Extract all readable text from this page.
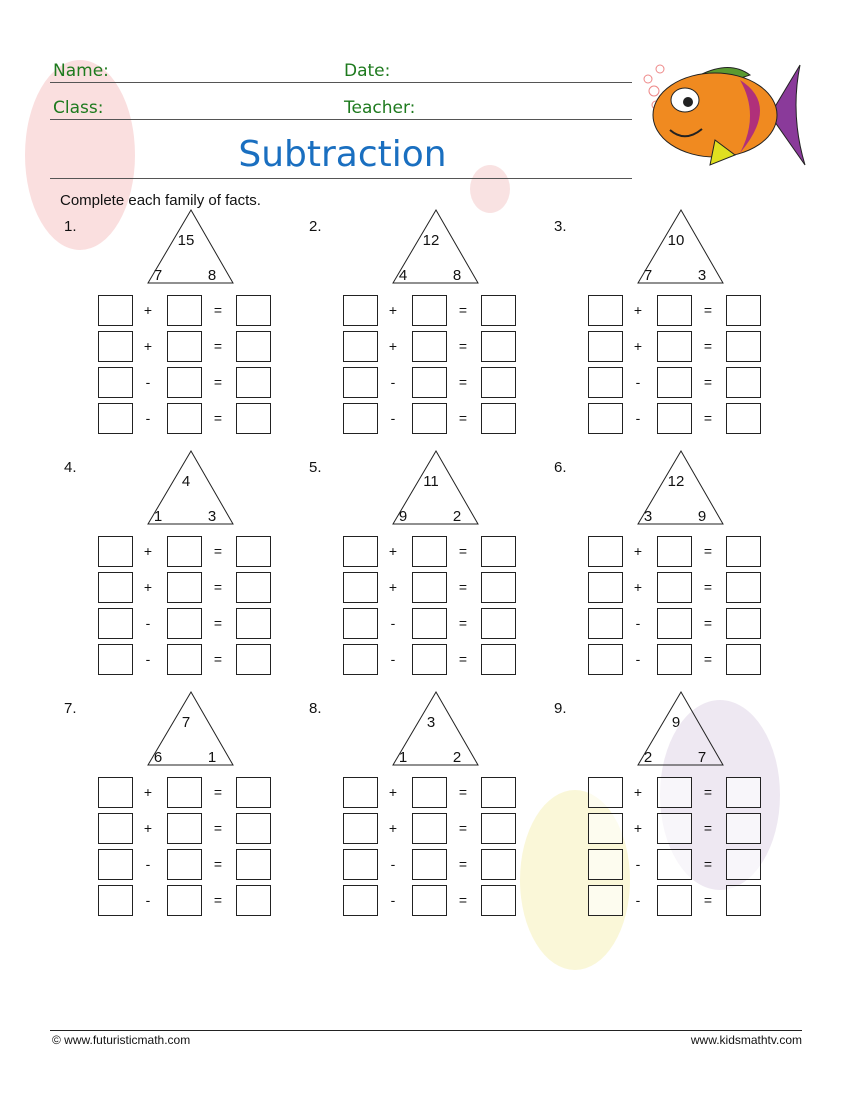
Name:	Date:
Class:	Teacher:
Subtraction
Complete each family of facts.
1.
15
7	8
+	=
+	=
-	=
-	=
2.
12
4	8
+	=
+	=
-	=
-	=
3.
10
7	3
+	=
+	=
-	=
-	=
4.
4
1	3
+	=
+	=
-	=
-	=
5.
11
9	2
+	=
+	=
-	=
-	=
6.
12
3	9
+	=
+	=
-	=
-	=
7.
7
6	1
+	=
+	=
-	=
-	=
8.
3
1	2
+	=
+	=
-	=
-	=
9.
9
2	7
+	=
+	=
-	=
-	=
© www.futuristicmath.com	www.kidsmathtv.com
